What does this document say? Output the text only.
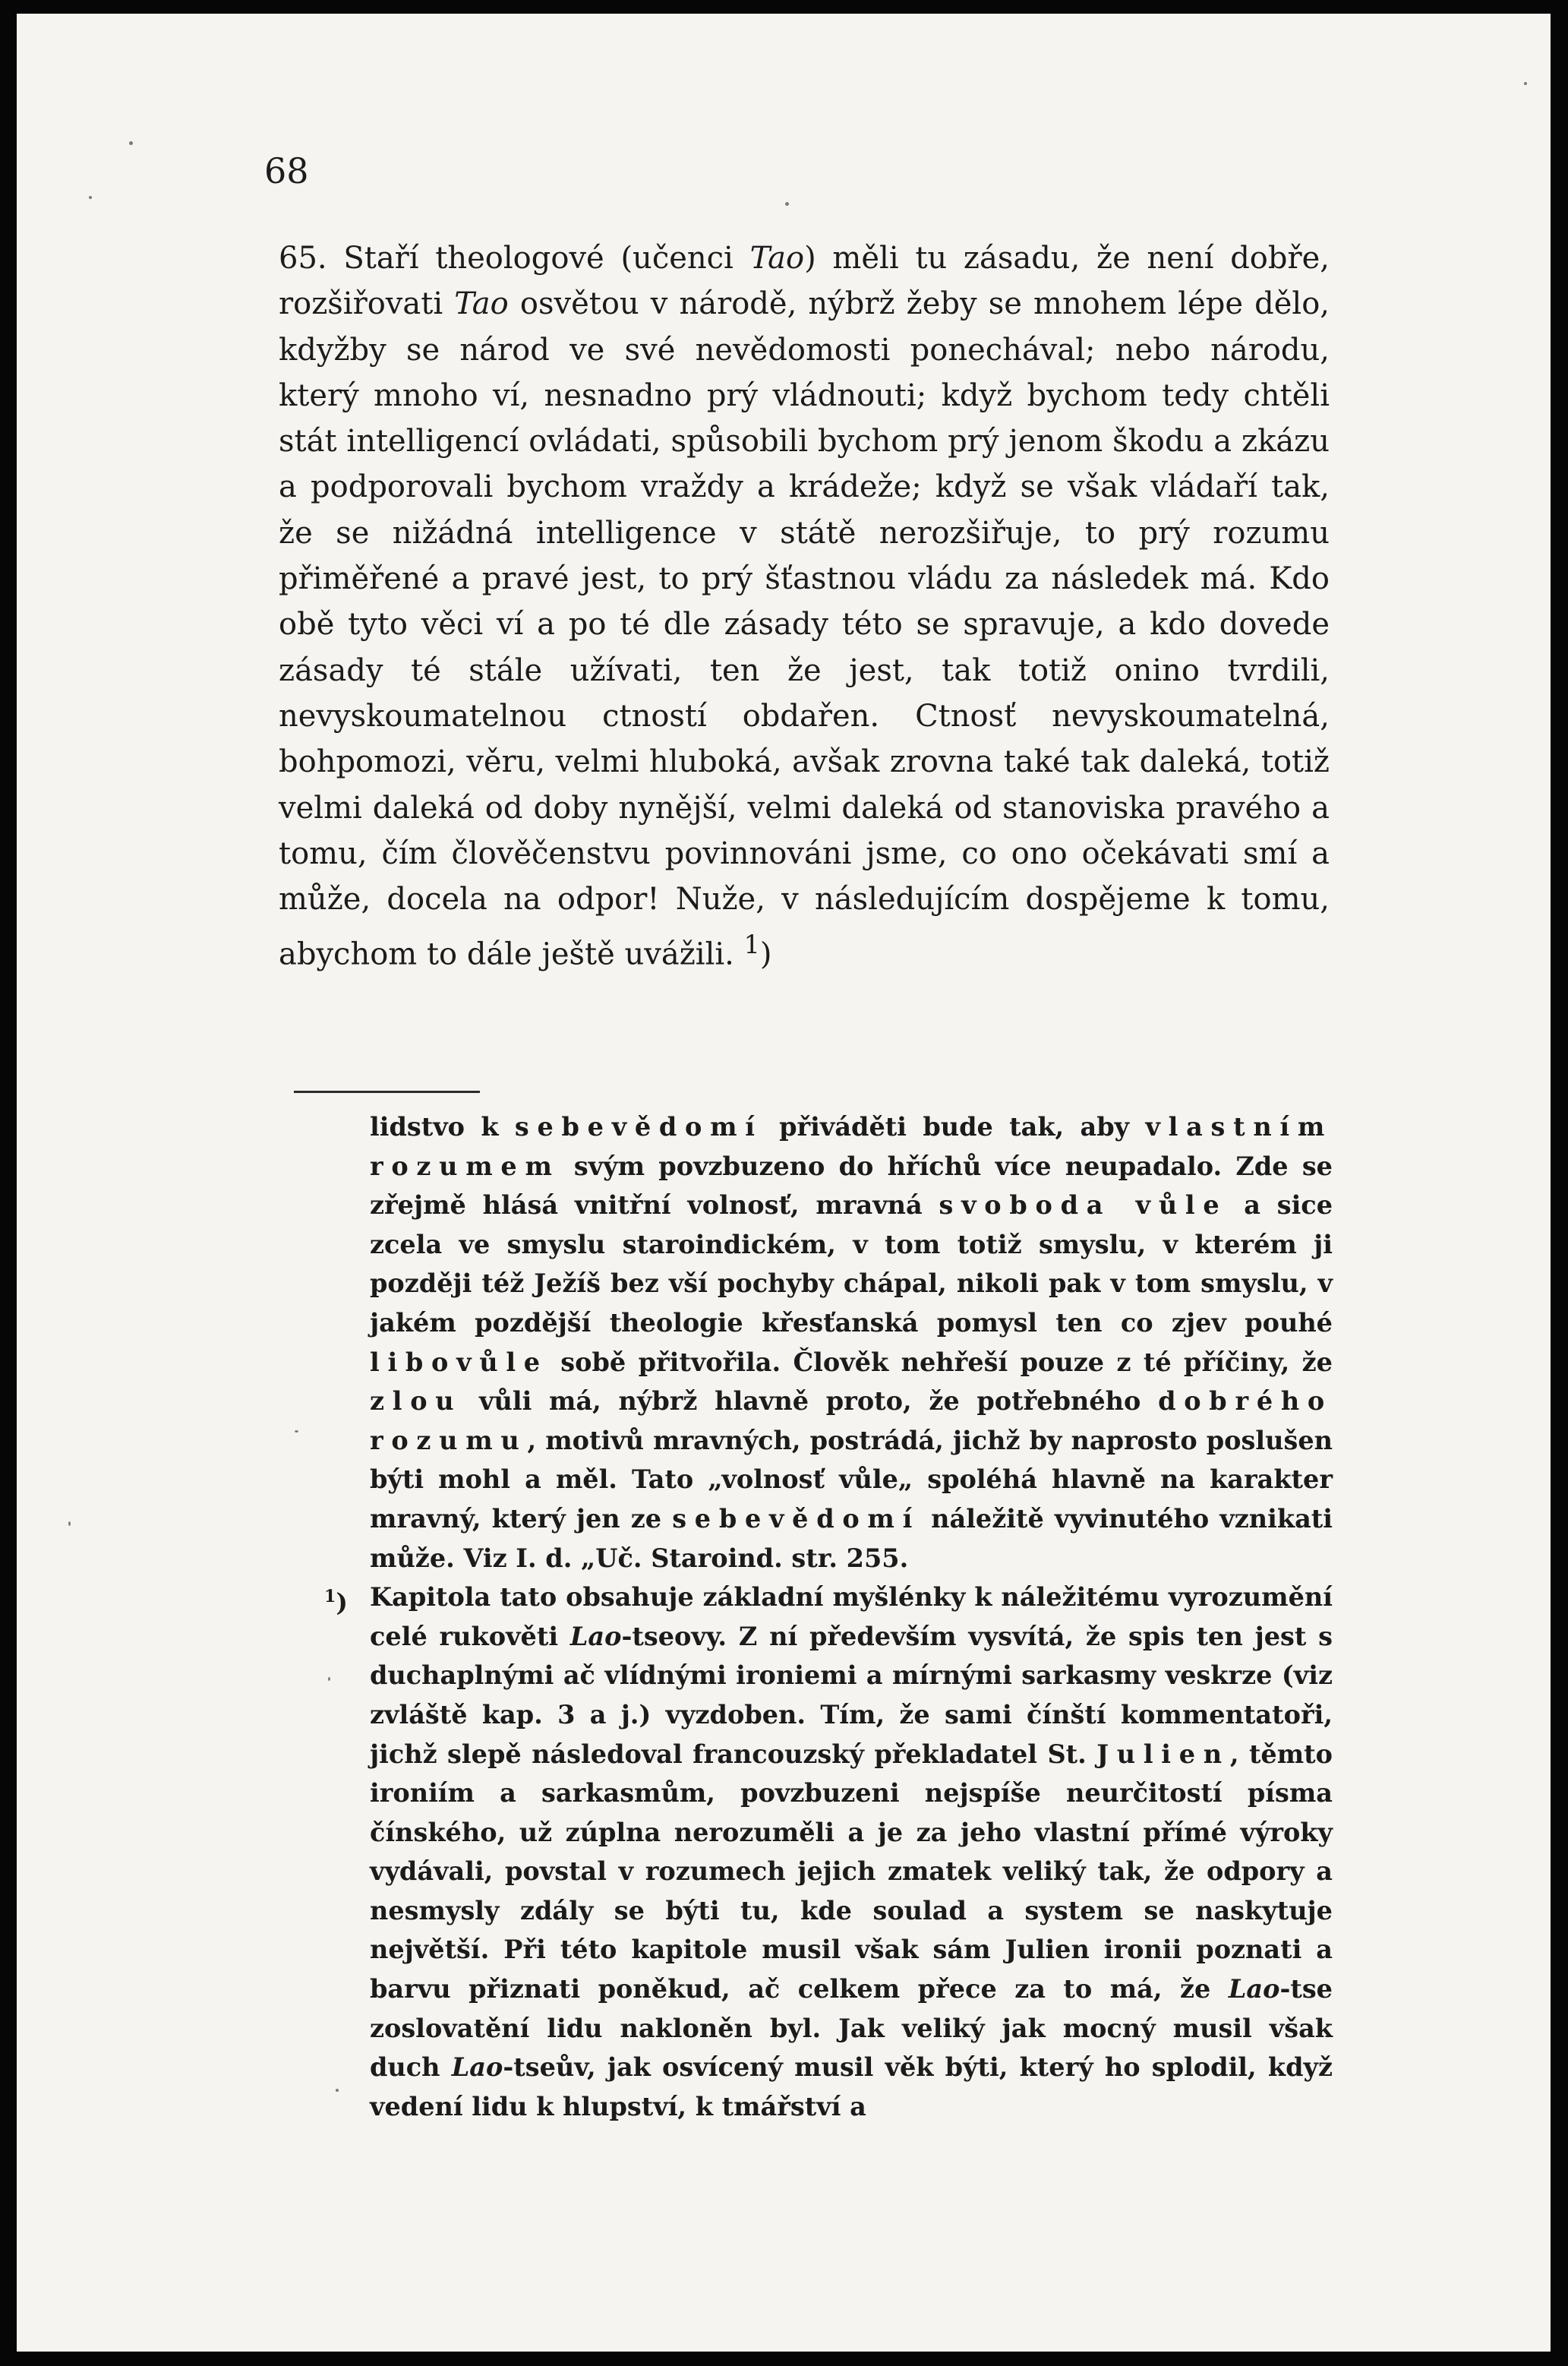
68

65. Staří theologové (učenci Tao) měli tu zásadu, že není dobře, rozšiřovati Tao osvětou v národě, nýbrž žeby se mnohem lépe dělo, kdyžby se národ ve své nevědomosti ponechával; nebo národu, který mnoho ví, nesnadno prý vládnouti; když bychom tedy chtěli stát intelligencí ovládati, spůsobili bychom prý jenom škodu a zkázu a podporovali bychom vraždy a krádeže; když se však vládaří tak, že se nižádná intelligence v státě nerozšiřuje, to prý rozumu přiměřené a pravé jest, to prý šťastnou vládu za následek má. Kdo obě tyto věci ví a po té dle zásady této se spravuje, a kdo dovede zásady té stále užívati, ten že jest, tak totiž onino tvrdili, nevyskoumatelnou ctností obdařen. Ctnosť nevyskoumatelná, bohpomozi, věru, velmi hluboká, avšak zrovna také tak daleká, totiž velmi daleká od doby nynější, velmi daleká od stanoviska pravého a tomu, čím člověčenstvu povinnováni jsme, co ono očekávati smí a může, docela na odpor! Nuže, v následujícím dospějeme k tomu, abychom to dále ještě uvážili. $^1$)

lidstvo k sebevědomí přiváděti bude tak, aby vlastním rozumem svým povzbuzeno do hříchů více neupadalo. Zde se zřejmě hlásá vnitřní volnosť, mravná svoboda vůle a sice zcela ve smyslu staroindickém, v tom totiž smyslu, v kterém ji později též Ježíš bez vší pochyby chápal, nikoli pak v tom smyslu, v jakém pozdější theologie křesťanská pomysl ten co zjev pouhé libovůle sobě přitvořila. Člověk nehřeší pouze z té příčiny, že zlou vůli má, nýbrž hlavně proto, že potřebného dobrého rozumu, motivů mravných, postrádá, jichž by naprosto poslušen býti mohl a měl. Tato „volnosť vůle„ spoléhá hlavně na karakter mravný, který jen ze sebevědomí náležitě vyvinutého vznikati může. Viz I. d. „Uč. Staroind. str. 255.

$^1$) Kapitola tato obsahuje základní myšlénky k náležitému vyrozumění celé rukověti Lao-tseovy. Z ní především vysvítá, že spis ten jest s duchaplnými ač vlídnými ironiemi a mírnými sarkasmy veskrze (viz zvláště kap. 3 a j.) vyzdoben. Tím, že sami čínští kommentatoři, jichž slepě následoval francouzský překladatel St. Julien, těmto ironiím a sarkasmům, povzbuzeni nejspíše neurčitostí písma čínského, už zúplna nerozuměli a je za jeho vlastní přímé výroky vydávali, povstal v rozumech jejich zmatek veliký tak, že odpory a nesmysly zdály se býti tu, kde soulad a system se naskytuje největší. Při této kapitole musil však sám Julien ironii poznati a barvu přiznati poněkud, ač celkem přece za to má, že Lao-tse zoslovatění lidu nakloněn byl. Jak veliký jak mocný musil však duch Lao-tseův, jak osvícený musil věk býti, který ho splodil, když vedení lidu k hlupství, k tmářství a
